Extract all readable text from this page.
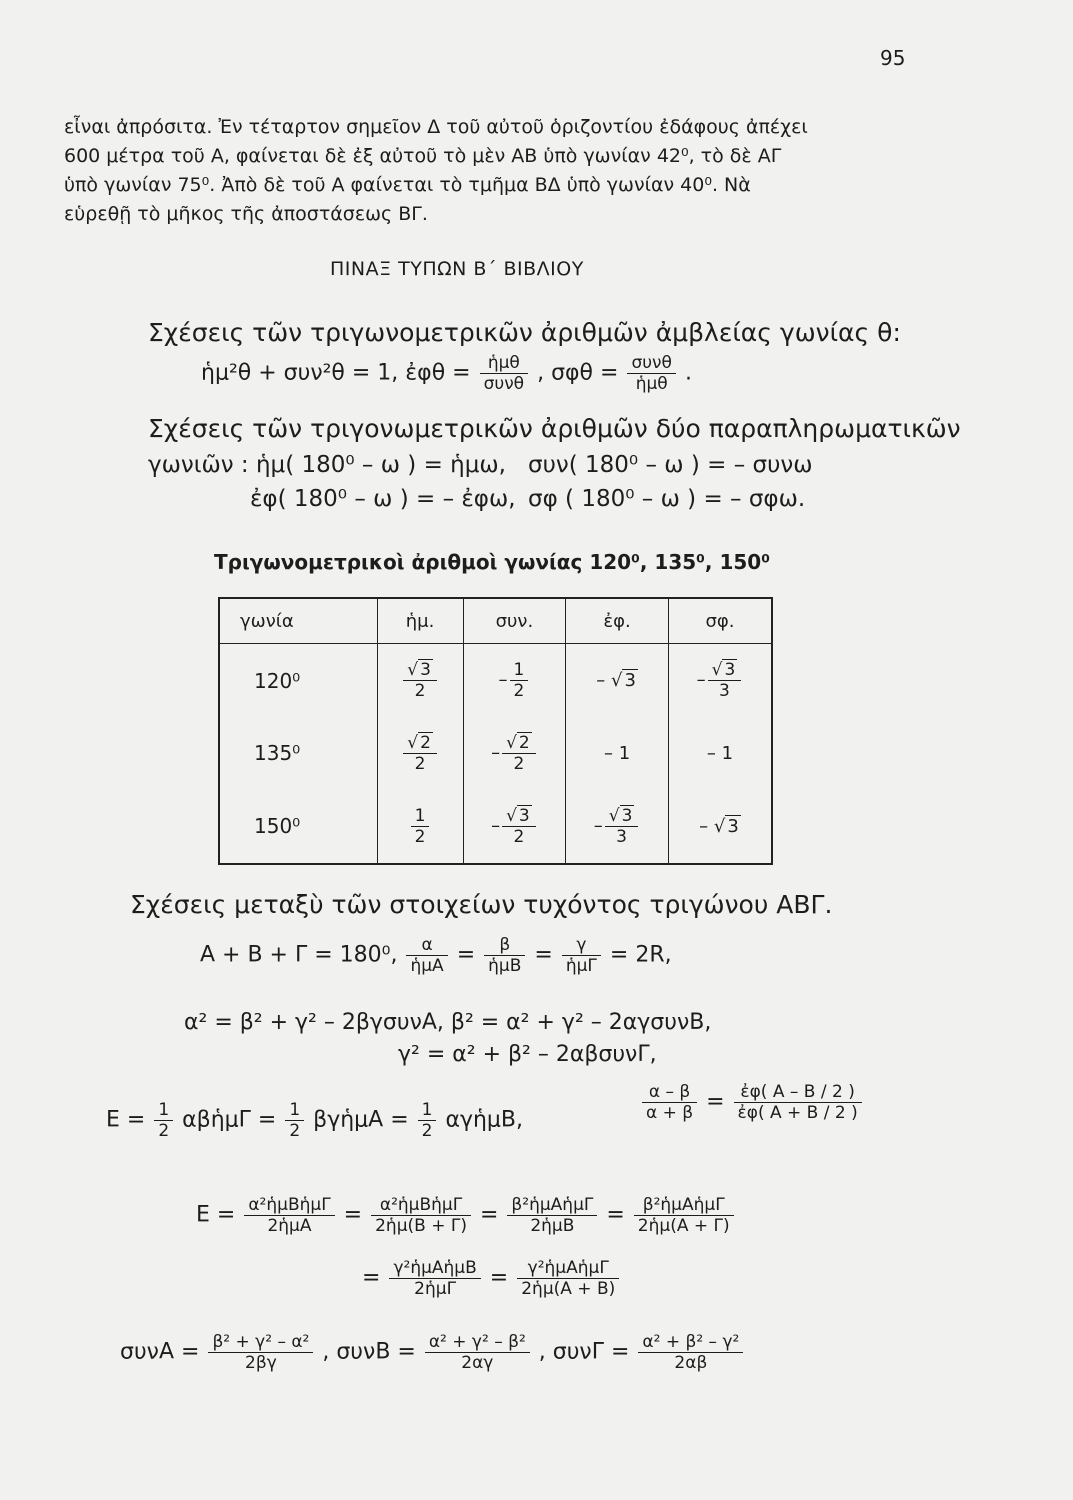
95
εἶναι ἀπρόσιτα. Ἐν τέταρτον σημεῖον Δ τοῦ αὐτοῦ ὁριζοντίου ἐδάφους ἀπέχει
600 μέτρα τοῦ Α, φαίνεται δὲ ἐξ αὐτοῦ τὸ μὲν ΑΒ ὑπὸ γωνίαν 42⁰, τὸ δὲ ΑΓ
ὑπὸ γωνίαν 75⁰. Ἀπὸ δὲ τοῦ Α φαίνεται τὸ τμῆμα ΒΔ ὑπὸ γωνίαν 40⁰. Νὰ
εὑρεθῇ τὸ μῆκος τῆς ἀποστάσεως ΒΓ.
ΠΙΝΑΞ ΤΥΠΩΝ Β΄ ΒΙΒΛΙΟΥ
Σχέσεις τῶν τριγωνομετρικῶν ἀριθμῶν ἀμβλείας γωνίας θ:
ἡμ²θ + συν²θ = 1, ἐφθ = $\frac{\text{ἡμθ}}{\text{συνθ}}$ , $\sigma\varphi\theta = \frac{\text{συνθ}}{\text{ἡμθ}}$ .
Σχέσεις τῶν τριγονωμετρικῶν ἀριθμῶν δύο παραπληρωματικῶν
γωνιῶν : ἡμ( 180⁰ – ω ) = ἡμω, συν( 180⁰ – ω ) = – συνω
ἐφ( 180⁰ – ω ) = – ἐφω, σφ ( 180⁰ – ω ) = – σφω.
Τριγωνομετρικοὶ ἀριθμοὶ γωνίας 120⁰, 135⁰, 150⁰
γωνία	ἡμ.	συν.	ἐφ.	σφ.
120⁰	$\frac{√ 3}{2}$	– $\frac{1}{2}$	– √ 3	– $\frac{√ 3}{3}$

135⁰	$\frac{√ 2}{2}$	– $\frac{√ 2}{2}$	– 1	– 1
150⁰	$\frac{1}{2}$	– $\frac{√ 3}{2}$	– $\frac{√ 3}{3}$	– √ 3
Σχέσεις μεταξὺ τῶν στοιχείων τυχόντος τριγώνου ΑΒΓ.
Α + Β + Γ = 180⁰, $\frac{\alpha}{\text{ἡμΑ}} = \frac{\beta}{\text{ἡμΒ}} = \frac{\gamma}{\text{ἡμΓ}} = 2R$,
α² = β² + γ² – 2βγσυνΑ, β² = α² + γ² – 2αγσυνΒ,
γ² = α² + β² – 2αβσυνΓ,
$E = \frac{1}{2}$ αβἡμΓ = $\frac{1}{2}$ βγἡμΑ = $\frac{1}{2}$ αγἡμΒ,	$\frac{\alpha - \beta}{\alpha + \beta} = \frac{\text{ἐφ( Α – Β / 2 )}}{\text{ἐφ( Α + Β / 2 )}}$
$E = \frac{\text{α²ἡμΒἡμΓ}}{\text{2ἡμΑ}} = \frac{\text{α²ἡμΒἡμΓ}}{\text{2ἡμ(Β + Γ)}} = \frac{\text{β²ἡμΑἡμΓ}}{\text{2ἡμΒ}} = \frac{\text{β²ἡμΑἡμΓ}}{\text{2ἡμ(Α + Γ)}}$
= $\frac{\text{γ²ἡμΑἡμΒ}}{\text{2ἡμΓ}} = \frac{\text{γ²ἡμΑἡμΓ}}{\text{2ἡμ(Α + Β)}}$
$\sigma\upsilon\nu A = \frac{\text{β² + γ² – α²}}{2\beta\gamma}$ , $\sigma\upsilon\nu B = \frac{\text{α² + γ² – β²}}{2\alpha\gamma}$ , $\sigma\upsilon\nu\Gamma = \frac{\text{α² + β² – γ²}}{2\alpha\beta}$
